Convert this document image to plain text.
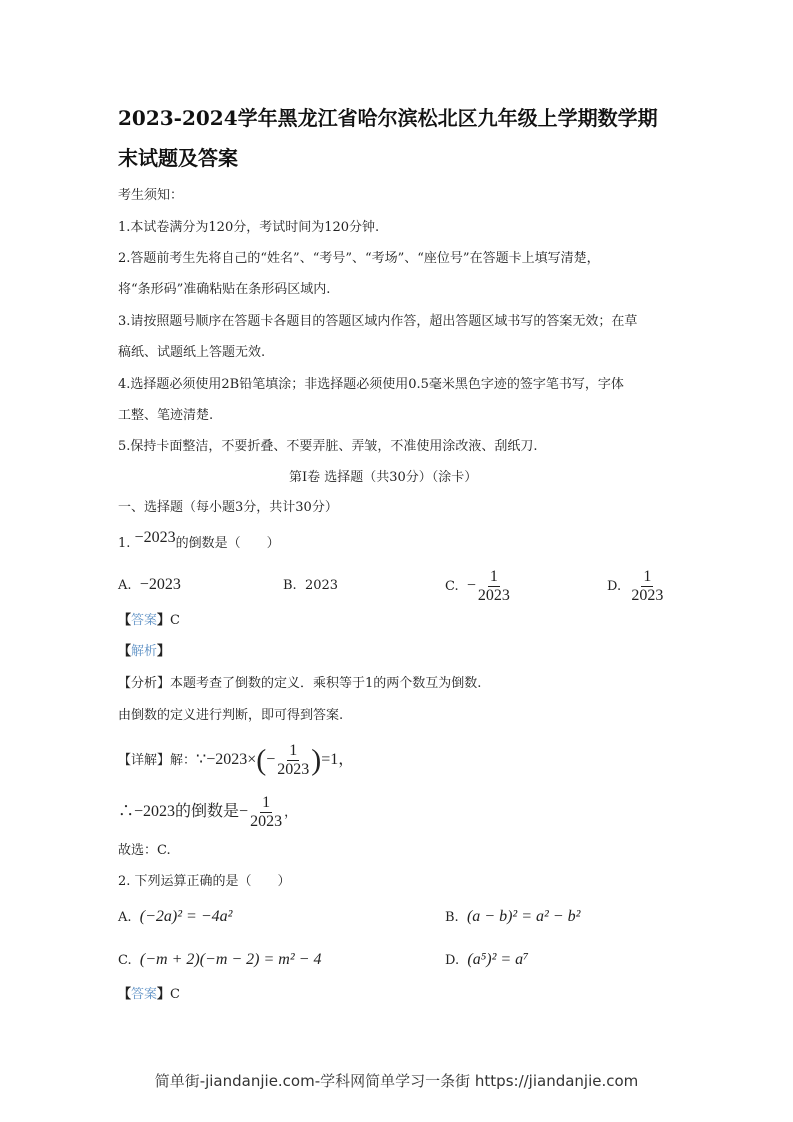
2023-2024学年黑龙江省哈尔滨松北区九年级上学期数学期
末试题及答案
考生须知：
1.本试卷满分为120分，考试时间为120分钟.
2.答题前考生先将自己的“姓名”、“考号”、“考场”、“座位号”在答题卡上填写清楚，
将“条形码”准确粘贴在条形码区域内.
3.请按照题号顺序在答题卡各题目的答题区域内作答，超出答题区域书写的答案无效；在草
稿纸、试题纸上答题无效.
4.选择题必须使用2B铅笔填涂；非选择题必须使用0.5毫米黑色字迹的签字笔书写，字体
工整、笔迹清楚.
5.保持卡面整洁，不要折叠、不要弄脏、弄皱，不准使用涂改液、刮纸刀.
第Ⅰ卷 选择题（共30分）（涂卡）
一、选择题（每小题3分，共计30分）
1. −2023的倒数是（　　）
A. −2023	B. 2023	C. − $\frac{1}{2023}$	D. $\frac{1}{2023}$
【答案】C
【解析】
【分析】本题考查了倒数的定义．乘积等于1的两个数互为倒数.
由倒数的定义进行判断，即可得到答案.
【详解】解：∵−2023×(− $\frac{1}{2023} )=1$，
∴−2023的倒数是− $\frac{1}{2023}$ ，
故选：C.
2. 下列运算正确的是（　　）
A. (−2a)² = −4a²	B. (a − b)² = a² − b²
C. (−m + 2)(−m − 2) = m² − 4	D. (a⁵)² = a⁷
【答案】C
简单街-jiandanjie.com-学科网简单学习一条街 https://jiandanjie.com
